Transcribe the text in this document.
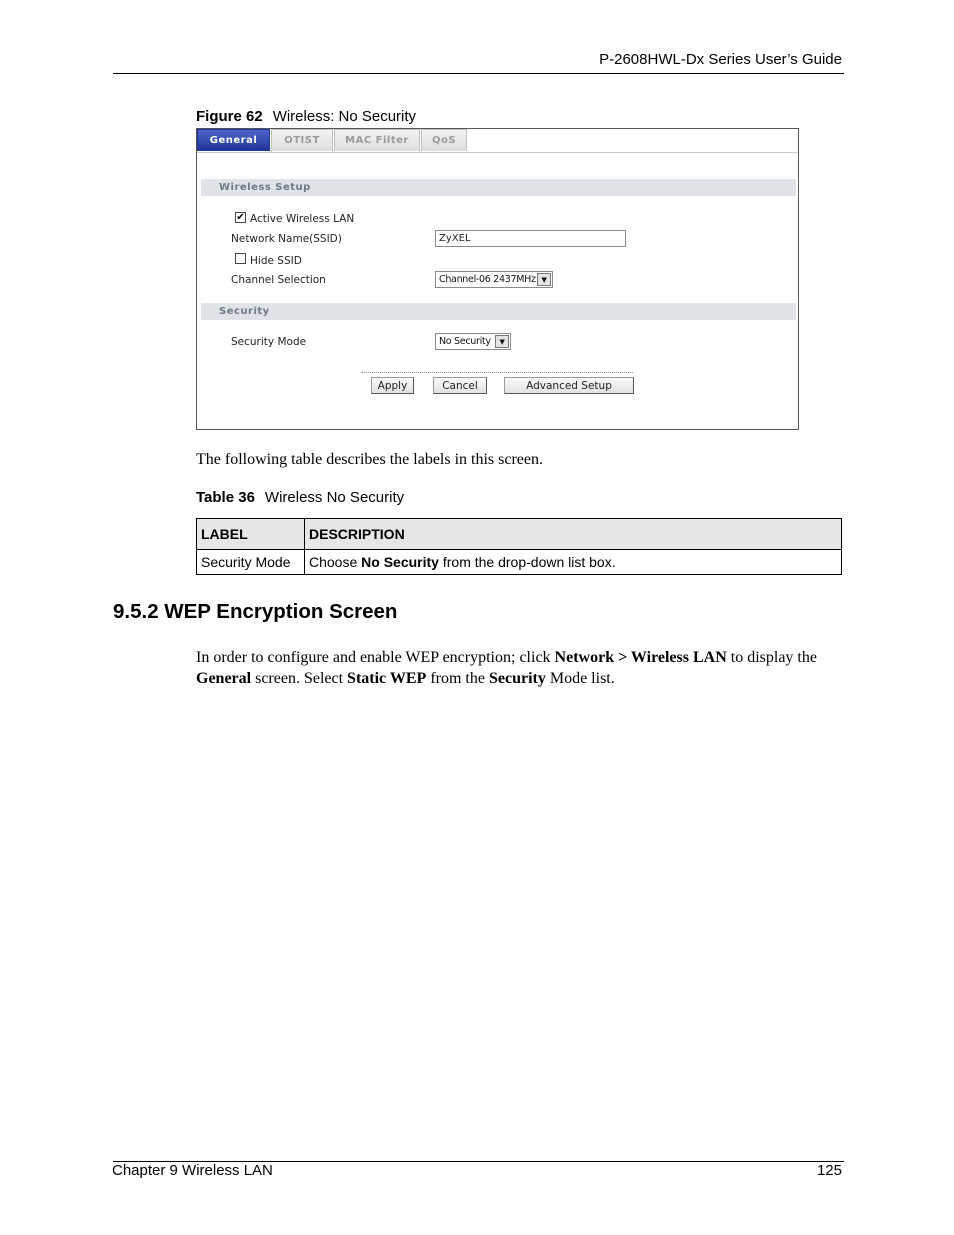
P-2608HWL-Dx Series User’s Guide
Figure 62 Wireless: No Security
General	OTIST	MAC Filter	QoS
Wireless Setup
✔ Active Wireless LAN
Network Name(SSID)	ZyXEL
Hide SSID
Channel Selection	Channel-06 2437MHz ▼
Security
Security Mode	No Security	▼
Apply	Cancel	Advanced Setup
The following table describes the labels in this screen.
Table 36 Wireless No Security
LABEL	DESCRIPTION
Security Mode	Choose No Security from the drop-down list box.
9.5.2 WEP Encryption Screen
In order to configure and enable WEP encryption; click Network > Wireless LAN to display the General screen. Select Static WEP from the Security Mode list.
Chapter 9 Wireless LAN	125
